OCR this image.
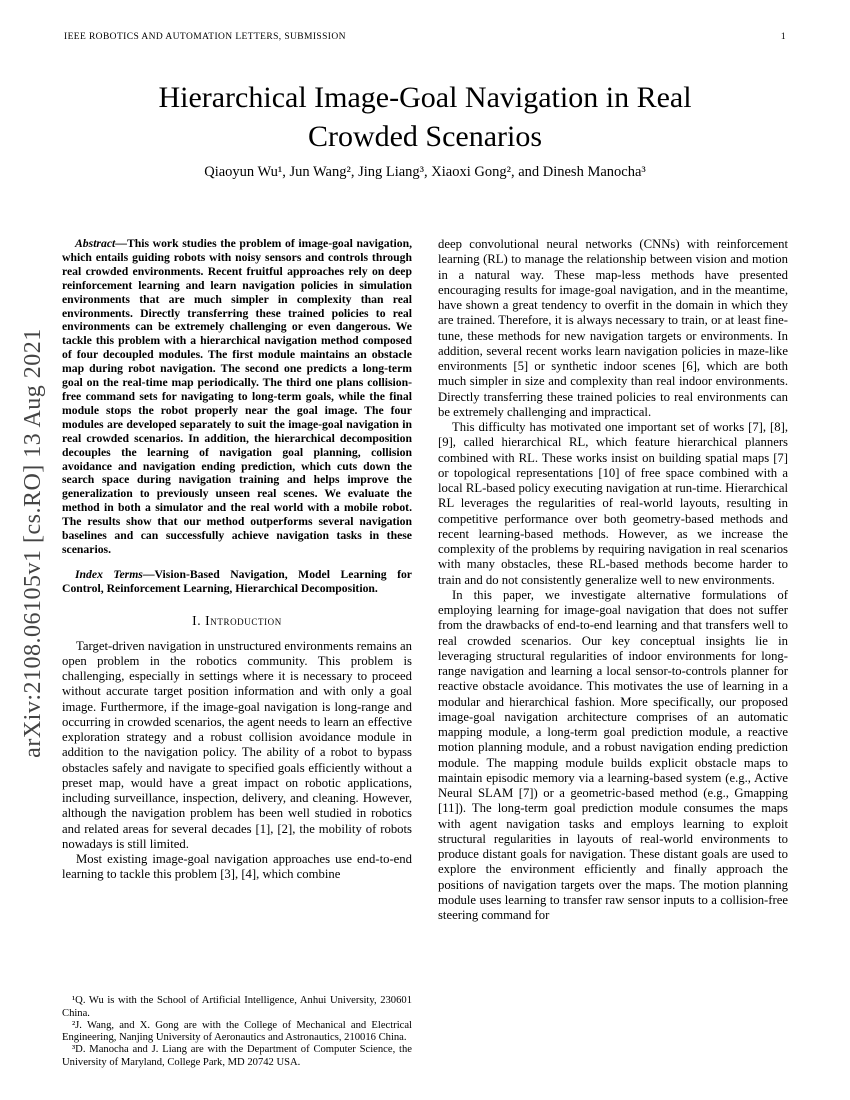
IEEE ROBOTICS AND AUTOMATION LETTERS, SUBMISSION	1
arXiv:2108.06105v1 [cs.RO] 13 Aug 2021
Hierarchical Image-Goal Navigation in Real
Crowded Scenarios
Qiaoyun Wu¹, Jun Wang², Jing Liang³, Xiaoxi Gong², and Dinesh Manocha³

Abstract—This work studies the problem of image-goal navigation, which entails guiding robots with noisy sensors and controls through real crowded environments. Recent fruitful approaches rely on deep reinforcement learning and learn navigation policies in simulation environments that are much simpler in complexity than real environments. Directly transferring these trained policies to real environments can be extremely challenging or even dangerous. We tackle this problem with a hierarchical navigation method composed of four decoupled modules. The first module maintains an obstacle map during robot navigation. The second one predicts a long-term goal on the real-time map periodically. The third one plans collision-free command sets for navigating to long-term goals, while the final module stops the robot properly near the goal image. The four modules are developed separately to suit the image-goal navigation in real crowded scenarios. In addition, the hierarchical decomposition decouples the learning of navigation goal planning, collision avoidance and navigation ending prediction, which cuts down the search space during navigation training and helps improve the generalization to previously unseen real scenes. We evaluate the method in both a simulator and the real world with a mobile robot. The results show that our method outperforms several navigation baselines and can successfully achieve navigation tasks in these scenarios.

Index Terms—Vision-Based Navigation, Model Learning for Control, Reinforcement Learning, Hierarchical Decomposition.

I. Introduction

Target-driven navigation in unstructured environments remains an open problem in the robotics community. This problem is challenging, especially in settings where it is necessary to proceed without accurate target position information and with only a goal image. Furthermore, if the image-goal navigation is long-range and occurring in crowded scenarios, the agent needs to learn an effective exploration strategy and a robust collision avoidance module in addition to the navigation policy. The ability of a robot to bypass obstacles safely and navigate to specified goals efficiently without a preset map, would have a great impact on robotic applications, including surveillance, inspection, delivery, and cleaning. However, although the navigation problem has been well studied in robotics and related areas for several decades [1], [2], the mobility of robots nowadays is still limited.

Most existing image-goal navigation approaches use end-to-end learning to tackle this problem [3], [4], which combine

¹Q. Wu is with the School of Artificial Intelligence, Anhui University, 230601 China.

²J. Wang, and X. Gong are with the College of Mechanical and Electrical Engineering, Nanjing University of Aeronautics and Astronautics, 210016 China.

³D. Manocha and J. Liang are with the Department of Computer Science, the University of Maryland, College Park, MD 20742 USA.

deep convolutional neural networks (CNNs) with reinforcement learning (RL) to manage the relationship between vision and motion in a natural way. These map-less methods have presented encouraging results for image-goal navigation, and in the meantime, have shown a great tendency to overfit in the domain in which they are trained. Therefore, it is always necessary to train, or at least fine-tune, these methods for new navigation targets or environments. In addition, several recent works learn navigation policies in maze-like environments [5] or synthetic indoor scenes [6], which are both much simpler in size and complexity than real indoor environments. Directly transferring these trained policies to real environments can be extremely challenging and impractical.

This difficulty has motivated one important set of works [7], [8], [9], called hierarchical RL, which feature hierarchical planners combined with RL. These works insist on building spatial maps [7] or topological representations [10] of free space combined with a local RL-based policy executing navigation at run-time. Hierarchical RL leverages the regularities of real-world layouts, resulting in competitive performance over both geometry-based methods and recent learning-based methods. However, as we increase the complexity of the problems by requiring navigation in real scenarios with many obstacles, these RL-based methods become harder to train and do not consistently generalize well to new environments.

In this paper, we investigate alternative formulations of employing learning for image-goal navigation that does not suffer from the drawbacks of end-to-end learning and that transfers well to real crowded scenarios. Our key conceptual insights lie in leveraging structural regularities of indoor environments for long-range navigation and learning a local sensor-to-controls planner for reactive obstacle avoidance. This motivates the use of learning in a modular and hierarchical fashion. More specifically, our proposed image-goal navigation architecture comprises of an automatic mapping module, a long-term goal prediction module, a reactive motion planning module, and a robust navigation ending prediction module. The mapping module builds explicit obstacle maps to maintain episodic memory via a learning-based system (e.g., Active Neural SLAM [7]) or a geometric-based method (e.g., Gmapping [11]). The long-term goal prediction module consumes the maps with agent navigation tasks and employs learning to exploit structural regularities in layouts of real-world environments to produce distant goals for navigation. These distant goals are used to explore the environment efficiently and finally approach the positions of navigation targets over the maps. The motion planning module uses learning to transfer raw sensor inputs to a collision-free steering command for
